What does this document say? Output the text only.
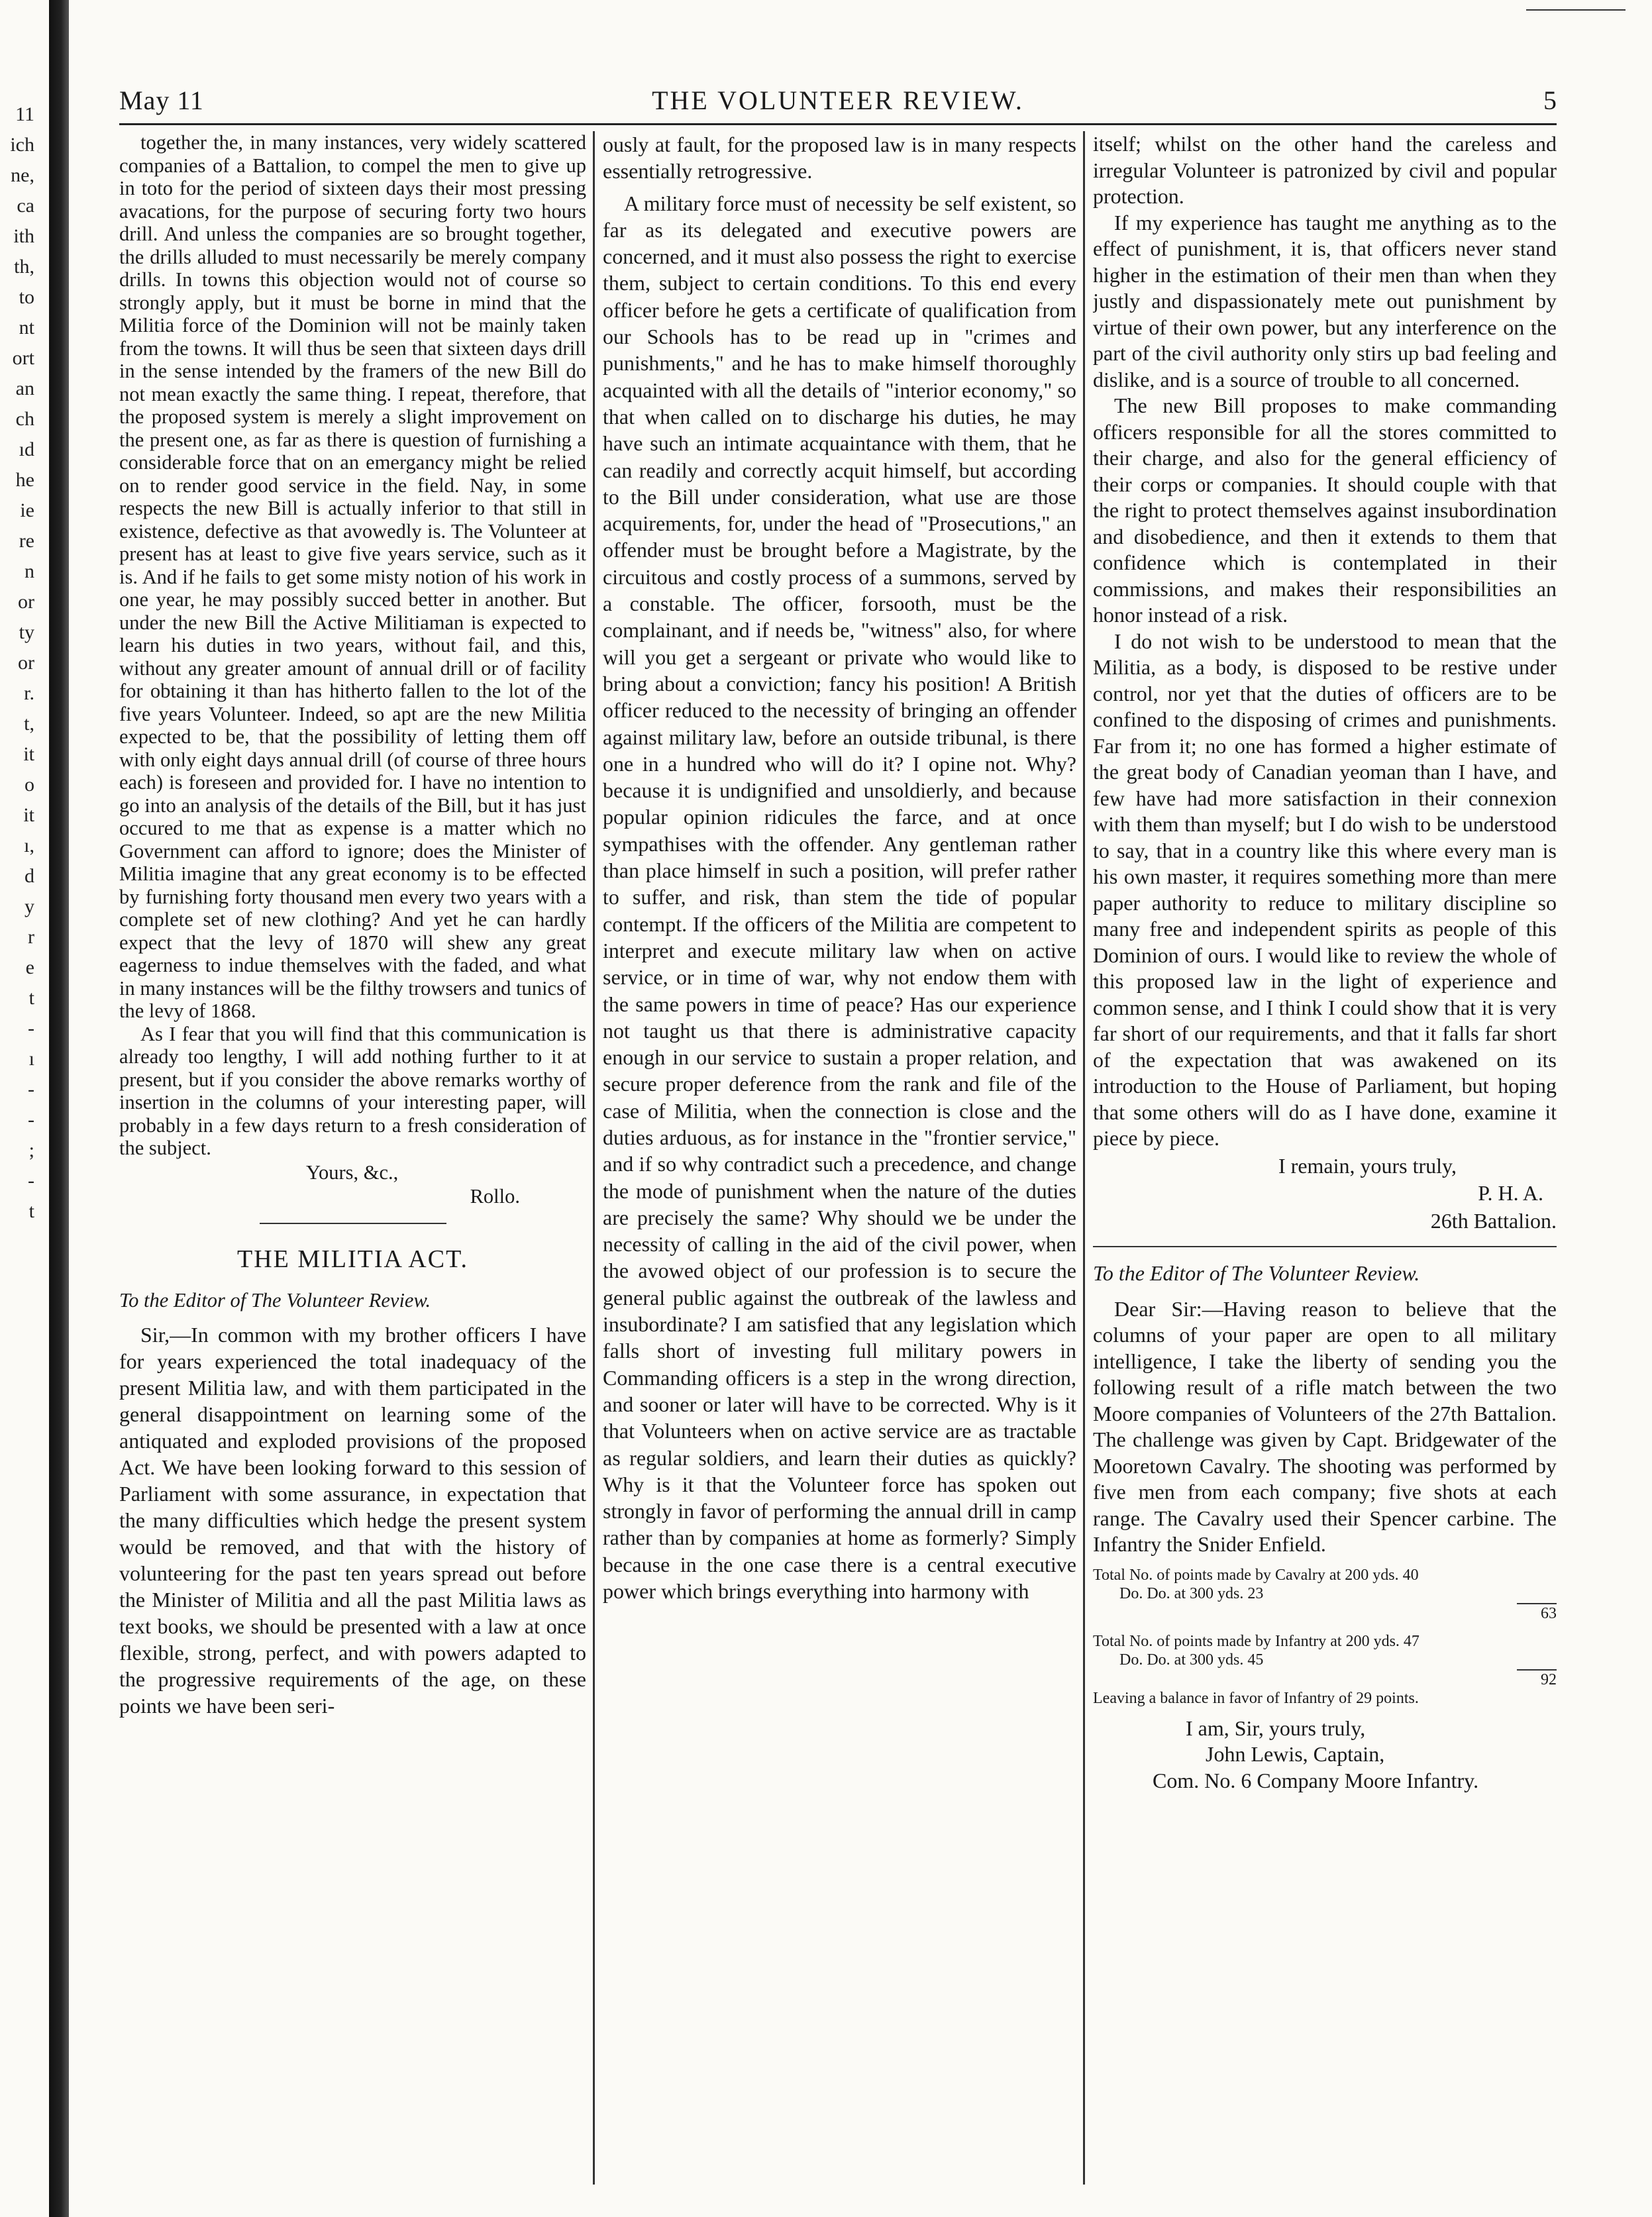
11
ich
ne,
ca
ith
th,
to
nt
ort
an
ch
ıd
he
ie
re
n
or
ty
or
r.
t,
it
o
it
ı,
d
y
r
e
t
-
ı
-
-
;
-
t
May 11	THE VOLUNTEER REVIEW.	5

together the, in many instances, very widely scattered companies of a Battalion, to compel the men to give up in toto for the period of sixteen days their most pressing avacations, for the purpose of securing forty two hours drill. And unless the companies are so brought together, the drills alluded to must necessarily be merely company drills. In towns this objection would not of course so strongly apply, but it must be borne in mind that the Militia force of the Dominion will not be mainly taken from the towns. It will thus be seen that sixteen days drill in the sense intended by the framers of the new Bill do not mean exactly the same thing. I repeat, therefore, that the proposed system is merely a slight improvement on the present one, as far as there is question of furnishing a considerable force that on an emergancy might be relied on to render good service in the field. Nay, in some respects the new Bill is actually inferior to that still in existence, defective as that avowedly is. The Volunteer at present has at least to give five years service, such as it is. And if he fails to get some misty notion of his work in one year, he may possibly succed better in another. But under the new Bill the Active Militiaman is expected to learn his duties in two years, without fail, and this, without any greater amount of annual drill or of facility for obtaining it than has hitherto fallen to the lot of the five years Volunteer. Indeed, so apt are the new Militia expected to be, that the possibility of letting them off with only eight days annual drill (of course of three hours each) is foreseen and provided for. I have no intention to go into an analysis of the details of the Bill, but it has just occured to me that as expense is a matter which no Government can afford to ignore; does the Minister of Militia imagine that any great economy is to be effected by furnishing forty thousand men every two years with a complete set of new clothing? And yet he can hardly expect that the levy of 1870 will shew any great eagerness to indue themselves with the faded, and what in many instances will be the filthy trowsers and tunics of the levy of 1868.

As I fear that you will find that this communication is already too lengthy, I will add nothing further to it at present, but if you consider the above remarks worthy of insertion in the columns of your interesting paper, will probably in a few days return to a fresh consideration of the subject.

Yours, &c.,
Rollo.
THE MILITIA ACT.

To the Editor of The Volunteer Review.

Sir,—In common with my brother officers I have for years experienced the total inadequacy of the present Militia law, and with them participated in the general disappointment on learning some of the antiquated and exploded provisions of the proposed Act. We have been looking forward to this session of Parliament with some assurance, in expectation that the many difficulties which hedge the present system would be removed, and that with the history of volunteering for the past ten years spread out before the Minister of Militia and all the past Militia laws as text books, we should be presented with a law at once flexible, strong, perfect, and with powers adapted to the progressive requirements of the age, on these points we have been seri-

ously at fault, for the proposed law is in many respects essentially retrogressive.

A military force must of necessity be self existent, so far as its delegated and executive powers are concerned, and it must also possess the right to exercise them, subject to certain conditions. To this end every officer before he gets a certificate of qualification from our Schools has to be read up in "crimes and punishments," and he has to make himself thoroughly acquainted with all the details of "interior economy," so that when called on to discharge his duties, he may have such an intimate acquaintance with them, that he can readily and correctly acquit himself, but according to the Bill under consideration, what use are those acquirements, for, under the head of "Prosecutions," an offender must be brought before a Magistrate, by the circuitous and costly process of a summons, served by a constable. The officer, forsooth, must be the complainant, and if needs be, "witness" also, for where will you get a sergeant or private who would like to bring about a conviction; fancy his position! A British officer reduced to the necessity of bringing an offender against military law, before an outside tribunal, is there one in a hundred who will do it? I opine not. Why? because it is undignified and unsoldierly, and because popular opinion ridicules the farce, and at once sympathises with the offender. Any gentleman rather than place himself in such a position, will prefer rather to suffer, and risk, than stem the tide of popular contempt. If the officers of the Militia are competent to interpret and execute military law when on active service, or in time of war, why not endow them with the same powers in time of peace? Has our experience not taught us that there is administrative capacity enough in our service to sustain a proper relation, and secure proper deference from the rank and file of the case of Militia, when the connection is close and the duties arduous, as for instance in the "frontier service," and if so why contradict such a precedence, and change the mode of punishment when the nature of the duties are precisely the same? Why should we be under the necessity of calling in the aid of the civil power, when the avowed object of our profession is to secure the general public against the outbreak of the lawless and insubordinate? I am satisfied that any legislation which falls short of investing full military powers in Commanding officers is a step in the wrong direction, and sooner or later will have to be corrected. Why is it that Volunteers when on active service are as tractable as regular soldiers, and learn their duties as quickly? Why is it that the Volunteer force has spoken out strongly in favor of performing the annual drill in camp rather than by companies at home as formerly? Simply because in the one case there is a central executive power which brings everything into harmony with

itself; whilst on the other hand the careless and irregular Volunteer is patronized by civil and popular protection.

If my experience has taught me anything as to the effect of punishment, it is, that officers never stand higher in the estimation of their men than when they justly and dispassionately mete out punishment by virtue of their own power, but any interference on the part of the civil authority only stirs up bad feeling and dislike, and is a source of trouble to all concerned.

The new Bill proposes to make commanding officers responsible for all the stores committed to their charge, and also for the general efficiency of their corps or companies. It should couple with that the right to protect themselves against insubordination and disobedience, and then it extends to them that confidence which is contemplated in their commissions, and makes their responsibilities an honor instead of a risk.

I do not wish to be understood to mean that the Militia, as a body, is disposed to be restive under control, nor yet that the duties of officers are to be confined to the disposing of crimes and punishments. Far from it; no one has formed a higher estimate of the great body of Canadian yeoman than I have, and few have had more satisfaction in their connexion with them than myself; but I do wish to be understood to say, that in a country like this where every man is his own master, it requires something more than mere paper authority to reduce to military discipline so many free and independent spirits as people of this Dominion of ours. I would like to review the whole of this proposed law in the light of experience and common sense, and I think I could show that it is very far short of our requirements, and that it falls far short of the expectation that was awakened on its introduction to the House of Parliament, but hoping that some others will do as I have done, examine it piece by piece.

I remain, yours truly,
P. H. A.
26th Battalion.

To the Editor of The Volunteer Review.

Dear Sir:—Having reason to believe that the columns of your paper are open to all military intelligence, I take the liberty of sending you the following result of a rifle match between the two Moore companies of Volunteers of the 27th Battalion. The challenge was given by Capt. Bridgewater of the Mooretown Cavalry. The shooting was performed by five men from each company; five shots at each range. The Cavalry used their Spencer carbine. The Infantry the Snider Enfield.

Total No. of points made by Cavalry at 200 yds. 40
Do. Do. at 300 yds. 23
63
Total No. of points made by Infantry at 200 yds. 47
Do. Do. at 300 yds. 45
92
Leaving a balance in favor of Infantry of 29 points.
I am, Sir, yours truly,
John Lewis, Captain,
Com. No. 6 Company Moore Infantry.
